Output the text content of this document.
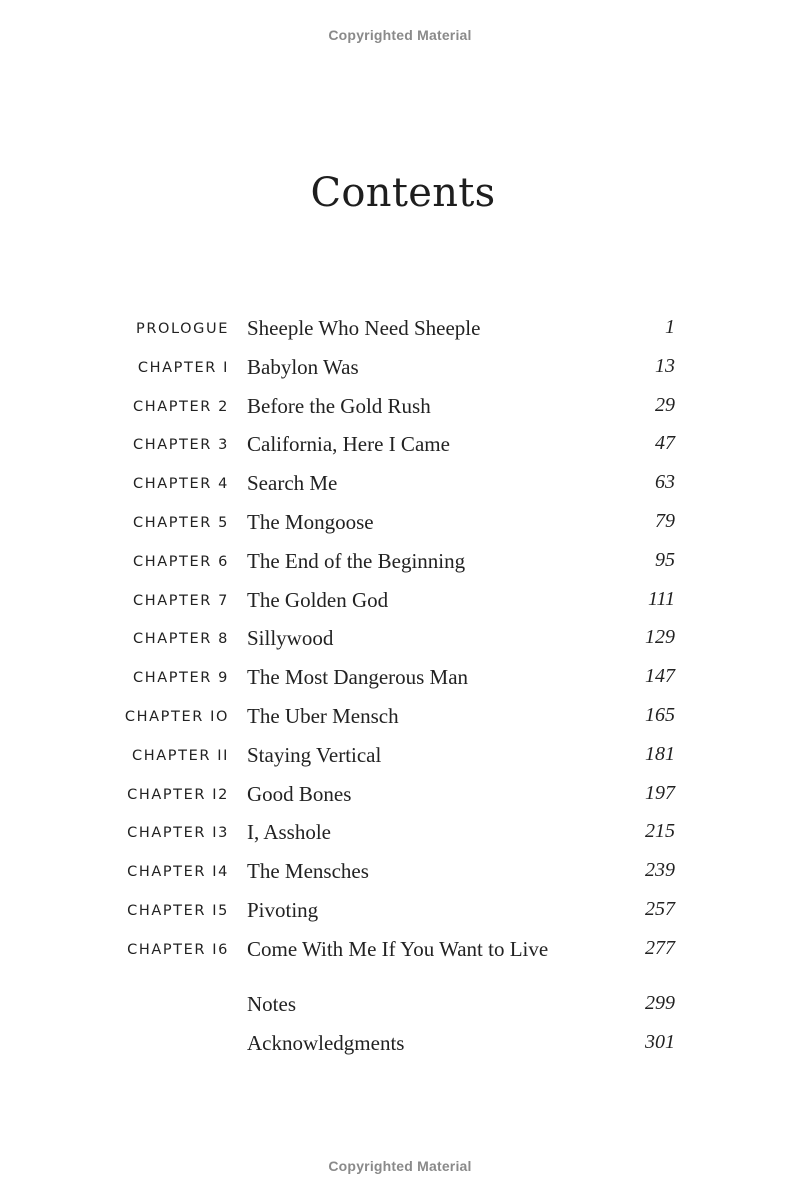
Copyrighted Material
Contents
PROLOGUE Sheeple Who Need Sheeple	1
CHAPTER I Babylon Was	13
CHAPTER 2 Before the Gold Rush	29
CHAPTER 3 California, Here I Came	47
CHAPTER 4 Search Me	63
CHAPTER 5 The Mongoose	79
CHAPTER 6 The End of the Beginning	95
CHAPTER 7 The Golden God	111
CHAPTER 8 Sillywood	129
CHAPTER 9 The Most Dangerous Man	147
CHAPTER IO The Uber Mensch	165
CHAPTER II Staying Vertical	181
CHAPTER I2 Good Bones	197
CHAPTER I3 I, Asshole	215
CHAPTER I4 The Mensches	239
CHAPTER I5 Pivoting	257
CHAPTER I6 Come With Me If You Want to Live	277
Notes	299
Acknowledgments	301
Copyrighted Material
